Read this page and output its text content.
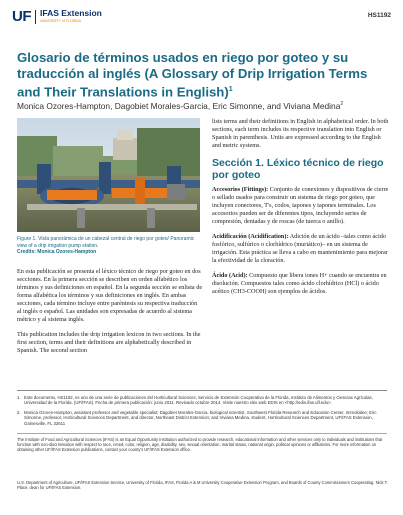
UF IFAS Extension
UNIVERSITY of FLORIDA
HS1192
Glosario de términos usados en riego por goteo y su traducción al inglés (A Glossary of Drip Irrigation Terms and Their Translations in English)$^1$
Monica Ozores-Hampton, Dagobiet Morales-Garcia, Eric Simonne, and Viviana Medina$^2$
Figure 1. Vista panorámica de un cabezal central de riego por goteo/ Panoramic view of a drip irrigation pump station.
Credits: Monica Ozores-Hampton

En esta publicación se presenta el léxico técnico de riego por goteo en dos secciones. En la primera sección se describen en orden alfabético los términos y sus definiciones en español. En la segunda sección se enlista de forma alfabética los términos y sus definiciones en inglés. En ambas secciones, cada término incluye entre paréntesis su respectiva traducción al inglés o español. Las unidades son expresadas de acuerdo al sistema métrico y al sistema inglés.

This publication includes the drip irrigation lexicon in two sections. In the first section, terms and their definitions are alphabetically described in Spanish. The second section

lists terms and their definitions in English in alphabetical order. In both sections, each term includes its respective translation into English or Spanish in parenthesis. Units are expressed according to the English and metric systems.

Sección 1. Léxico técnico de riego por goteo

Accesorios (Fittings): Conjunto de conexiones y dispositivos de cierre o sellado usados para construir un sistema de riego por goteo, que incluyen conectores, T's, codos, tapones y tapones terminales. Los accesorios pueden ser de diferentes tipos, incluyendo series de compresión, dentadas y de roscas (de tuerca o anillo).

Acidificación (Acidification): Adición de un ácido –tales como ácido fosfórico, sulfúrico o clorhídrico (muriático)– en un sistema de irrigación. Esta práctica se lleva a cabo en mantenimiento para mejorar la efectividad de la cloración.

Ácido (Acid): Compuesto que libera iones H+ cuando se encuentra en disolución. Compuestos tales como ácido clorhídrico (HCl) o ácido acético (CH3-COOH) son ejemplos de ácidos.

1. Este documento, HS1192, es uno de una serie de publicaciones del Horticultural Sciences, Servicio de Extensión Cooperativa de la Florida, Instituto de Alimentos y Ciencias Agrícolas, Universidad de la Florida. (UF/IFAS). Fecha de primera publicación: junio 2011. Revisado octubre 2014. Visite nuestro sitio web EDIS en <http://edis.ifas.ufl.edu>.

2. Monica Ozores-Hampton, assistant professor and vegetable specialist; Dagobiet Morales-Garcia, biological scientist, Southwest Florida Research and Education Center, Immokalee; Eric Simonne, professor, Horticultural Sciences Department, and director, Northeast District Extension; and Viviana Medina, student, Horticultural Sciences Department, UF/IFAS Extension, Gainesville, FL 32611

The Institute of Food and Agricultural Sciences (IFAS) is an Equal Opportunity Institution authorized to provide research, educational information and other services only to individuals and institutions that function with non-discrimination with respect to race, creed, color, religion, age, disability, sex, sexual orientation, marital status, national origin, political opinions or affiliations. For more information on obtaining other UF/IFAS Extension publications, contact your county's UF/IFAS Extension office.
U.S. Department of Agriculture, UF/IFAS Extension Service, University of Florida, IFAS, Florida A & M University Cooperative Extension Program, and Boards of County Commissioners Cooperating. Nick T. Place, dean for UF/IFAS Extension.
